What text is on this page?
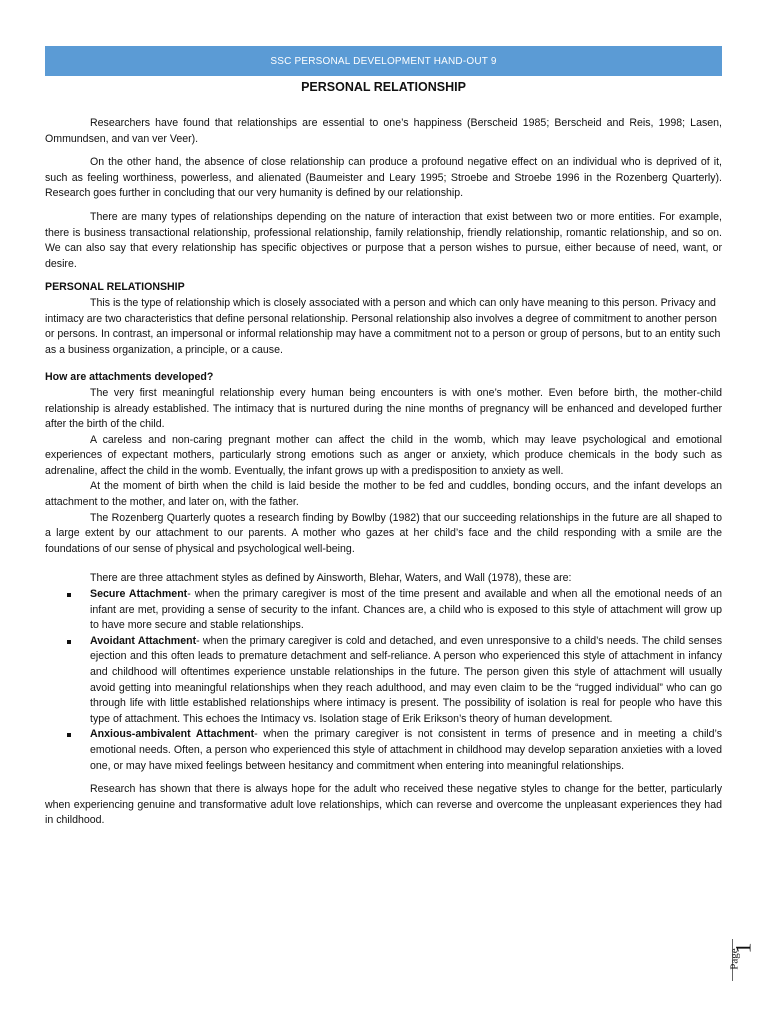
SSC PERSONAL DEVELOPMENT HAND-OUT 9
PERSONAL RELATIONSHIP

Researchers have found that relationships are essential to one’s happiness (Berscheid 1985; Berscheid and Reis, 1998; Lasen, Ommundsen, and van ver Veer).

On the other hand, the absence of close relationship can produce a profound negative effect on an individual who is deprived of it, such as feeling worthiness, powerless, and alienated (Baumeister and Leary 1995; Stroebe and Stroebe 1996 in the Rozenberg Quarterly). Research goes further in concluding that our very humanity is defined by our relationship.

There are many types of relationships depending on the nature of interaction that exist between two or more entities. For example, there is business transactional relationship, professional relationship, family relationship, friendly relationship, romantic relationship, and so on. We can also say that every relationship has specific objectives or purpose that a person wishes to pursue, either because of need, want, or desire.

PERSONAL RELATIONSHIP

This is the type of relationship which is closely associated with a person and which can only have meaning to this person. Privacy and intimacy are two characteristics that define personal relationship. Personal relationship also involves a degree of commitment to another person or persons. In contrast, an impersonal or informal relationship may have a commitment not to a person or group of persons, but to an entity such as a business organization, a principle, or a cause.

How are attachments developed?

The very first meaningful relationship every human being encounters is with one’s mother. Even before birth, the mother-child relationship is already established. The intimacy that is nurtured during the nine months of pregnancy will be enhanced and developed further after the birth of the child.

A careless and non-caring pregnant mother can affect the child in the womb, which may leave psychological and emotional experiences of expectant mothers, particularly strong emotions such as anger or anxiety, which produce chemicals in the body such as adrenaline, affect the child in the womb. Eventually, the infant grows up with a predisposition to anxiety as well.

At the moment of birth when the child is laid beside the mother to be fed and cuddles, bonding occurs, and the infant develops an attachment to the mother, and later on, with the father.

The Rozenberg Quarterly quotes a research finding by Bowlby (1982) that our succeeding relationships in the future are all shaped to a large extent by our attachment to our parents. A mother who gazes at her child’s face and the child responding with a smile are the foundations of our sense of physical and psychological well-being.

There are three attachment styles as defined by Ainsworth, Blehar, Waters, and Wall (1978), these are:

Secure Attachment- when the primary caregiver is most of the time present and available and when all the emotional needs of an infant are met, providing a sense of security to the infant. Chances are, a child who is exposed to this style of attachment will grow up to have more secure and stable relationships.
Avoidant Attachment- when the primary caregiver is cold and detached, and even unresponsive to a child’s needs. The child senses ejection and this often leads to premature detachment and self-reliance. A person who experienced this style of attachment in infancy and childhood will oftentimes experience unstable relationships in the future. The person given this style of attachment will usually avoid getting into meaningful relationships when they reach adulthood, and may even claim to be the “rugged individual” who can go through life with little established relationships where intimacy is present. The possibility of isolation is real for people who have this type of attachment. This echoes the Intimacy vs. Isolation stage of Erik Erikson’s theory of human development.
Anxious-ambivalent Attachment- when the primary caregiver is not consistent in terms of presence and in meeting a child’s emotional needs. Often, a person who experienced this style of attachment in childhood may develop separation anxieties with a loved one, or may have mixed feelings between hesitancy and commitment when entering into meaningful relationships.

Research has shown that there is always hope for the adult who received these negative styles to change for the better, particularly when experiencing genuine and transformative adult love relationships, which can reverse and overcome the unpleasant experiences they had in childhood.

Page
1
